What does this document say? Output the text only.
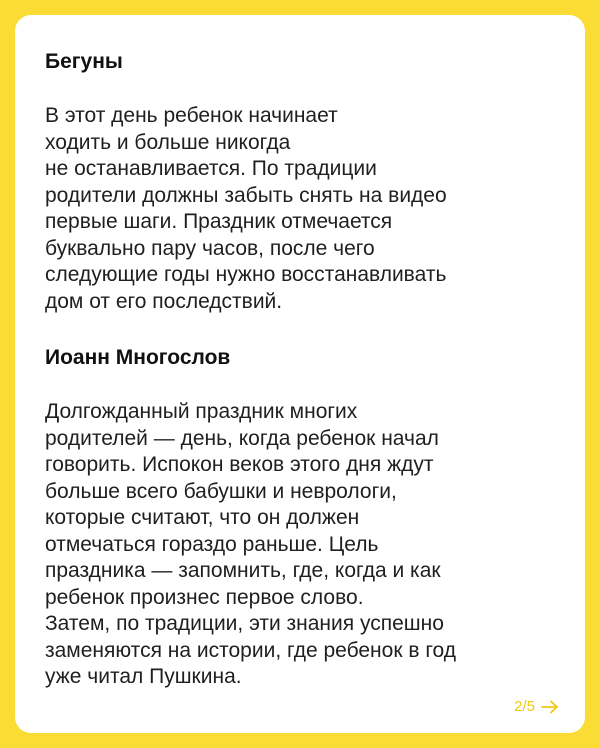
Бегуны

В этот день ребенок начинает
ходить и больше никогда
не останавливается. По традиции
родители должны забыть снять на видео
первые шаги. Праздник отмечается
буквально пару часов, после чего
следующие годы нужно восстанавливать
дом от его последствий.

Иоанн Многослов

Долгожданный праздник многих
родителей — день, когда ребенок начал
говорить. Испокон веков этого дня ждут
больше всего бабушки и неврологи,
которые считают, что он должен
отмечаться гораздо раньше. Цель
праздника — запомнить, где, когда и как
ребенок произнес первое слово.
Затем, по традиции, эти знания успешно
заменяются на истории, где ребенок в год
уже читал Пушкина.

2/5
